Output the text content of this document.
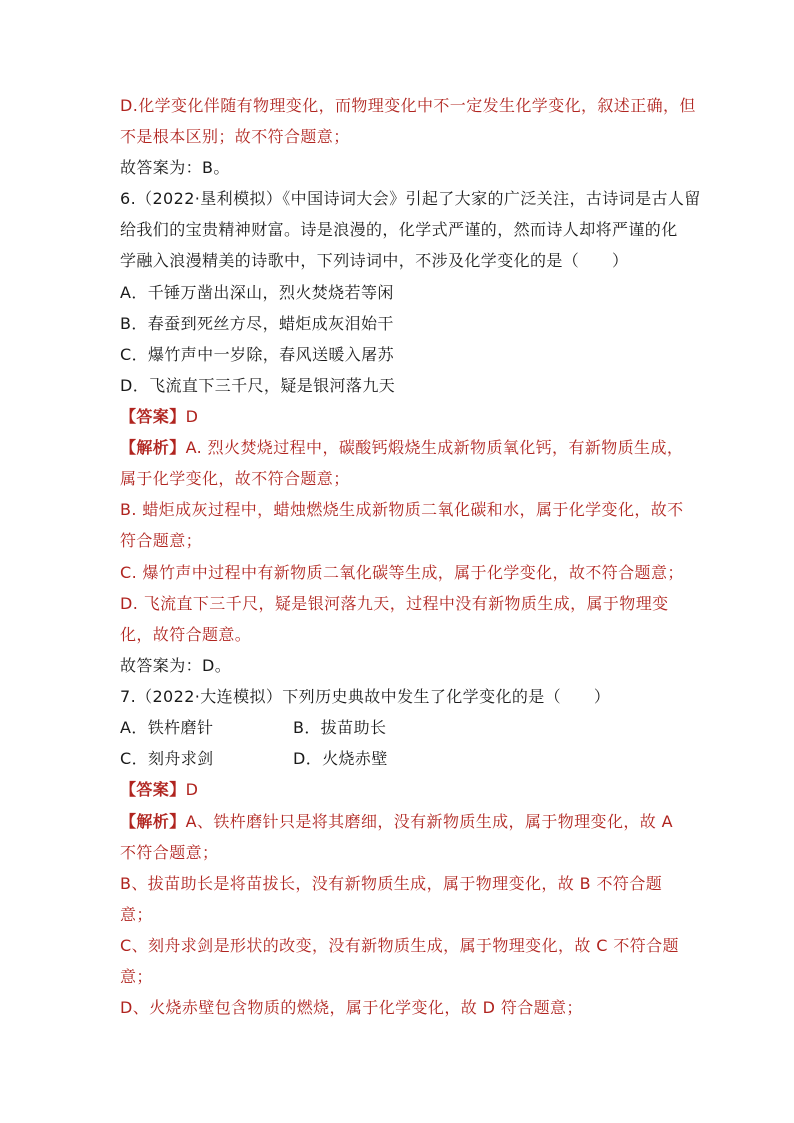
D.化学变化伴随有物理变化，而物理变化中不一定发生化学变化，叙述正确，但
不是根本区别；故不符合题意；
故答案为：B。
6.（2022·垦利模拟）《中国诗词大会》引起了大家的广泛关注，古诗词是古人留
给我们的宝贵精神财富。诗是浪漫的，化学式严谨的，然而诗人却将严谨的化
学融入浪漫精美的诗歌中，下列诗词中，不涉及化学变化的是（　　）
A．千锤万凿出深山，烈火焚烧若等闲
B．春蚕到死丝方尽，蜡炬成灰泪始干
C．爆竹声中一岁除，春风送暖入屠苏
D．飞流直下三千尺，疑是银河落九天
【答案】D
【解析】A. 烈火焚烧过程中，碳酸钙煅烧生成新物质氧化钙，有新物质生成，
属于化学变化，故不符合题意；
B. 蜡炬成灰过程中，蜡烛燃烧生成新物质二氧化碳和水，属于化学变化，故不
符合题意；
C. 爆竹声中过程中有新物质二氧化碳等生成，属于化学变化，故不符合题意；
D. 飞流直下三千尺，疑是银河落九天，过程中没有新物质生成，属于物理变
化，故符合题意。
故答案为：D。
7.（2022·大连模拟）下列历史典故中发生了化学变化的是（　　）
A．铁杵磨针	B．拔苗助长
C．刻舟求剑	D．火烧赤壁
【答案】D
【解析】A、铁杵磨针只是将其磨细，没有新物质生成，属于物理变化，故 A
不符合题意；
B、拔苗助长是将苗拔长，没有新物质生成，属于物理变化，故 B 不符合题
意；
C、刻舟求剑是形状的改变，没有新物质生成，属于物理变化，故 C 不符合题
意；
D、火烧赤壁包含物质的燃烧，属于化学变化，故 D 符合题意；
